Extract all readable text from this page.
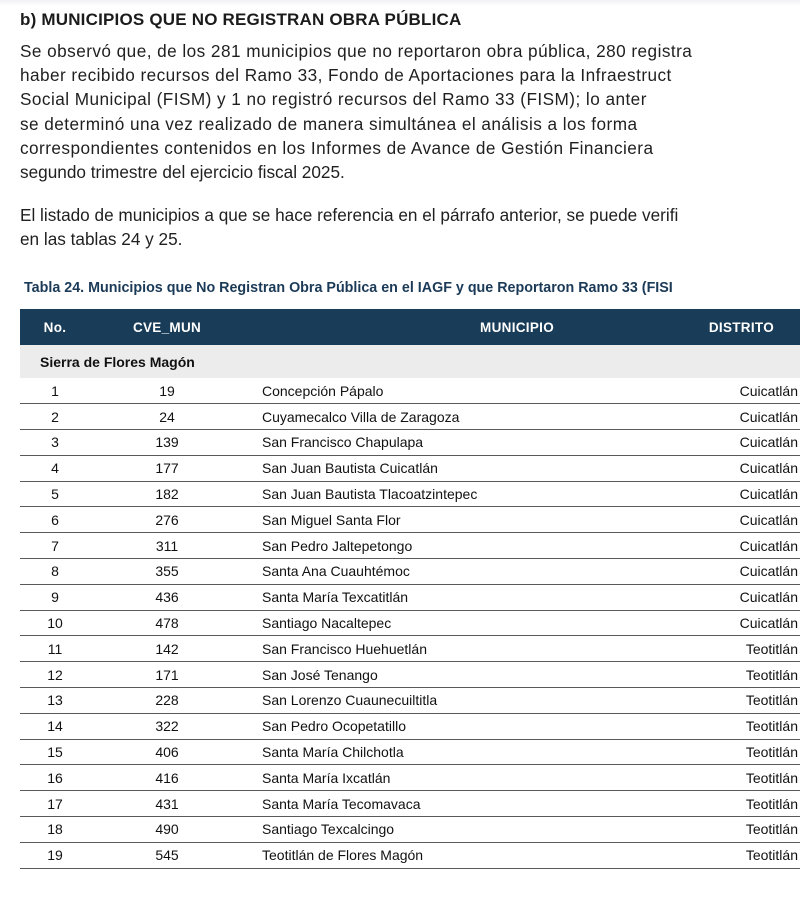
b) MUNICIPIOS QUE NO REGISTRAN OBRA PÚBLICA
Se observó que, de los 281 municipios que no reportaron obra pública, 280 registra
haber recibido recursos del Ramo 33, Fondo de Aportaciones para la Infraestruct
Social Municipal (FISM) y 1 no registró recursos del Ramo 33 (FISM); lo anter
se determinó una vez realizado de manera simultánea el análisis a los forma
correspondientes contenidos en los Informes de Avance de Gestión Financiera
segundo trimestre del ejercicio fiscal 2025.
El listado de municipios a que se hace referencia en el párrafo anterior, se puede verifi
en las tablas 24 y 25.
Tabla 24. Municipios que No Registran Obra Pública en el IAGF y que Reportaron Ramo 33 (FISI
No.	CVE_MUN	MUNICIPIO	DISTRITO
Sierra de Flores Magón			
1	19	Concepción Pápalo	Cuicatlán
2	24	Cuyamecalco Villa de Zaragoza	Cuicatlán
3	139	San Francisco Chapulapa	Cuicatlán
4	177	San Juan Bautista Cuicatlán	Cuicatlán
5	182	San Juan Bautista Tlacoatzintepec	Cuicatlán
6	276	San Miguel Santa Flor	Cuicatlán
7	311	San Pedro Jaltepetongo	Cuicatlán
8	355	Santa Ana Cuauhtémoc	Cuicatlán
9	436	Santa María Texcatitlán	Cuicatlán
10	478	Santiago Nacaltepec	Cuicatlán
11	142	San Francisco Huehuetlán	Teotitlán
12	171	San José Tenango	Teotitlán
13	228	San Lorenzo Cuaunecuiltitla	Teotitlán
14	322	San Pedro Ocopetatillo	Teotitlán
15	406	Santa María Chilchotla	Teotitlán
16	416	Santa María Ixcatlán	Teotitlán
17	431	Santa María Tecomavaca	Teotitlán
18	490	Santiago Texcalcingo	Teotitlán
19	545	Teotitlán de Flores Magón	Teotitlán
